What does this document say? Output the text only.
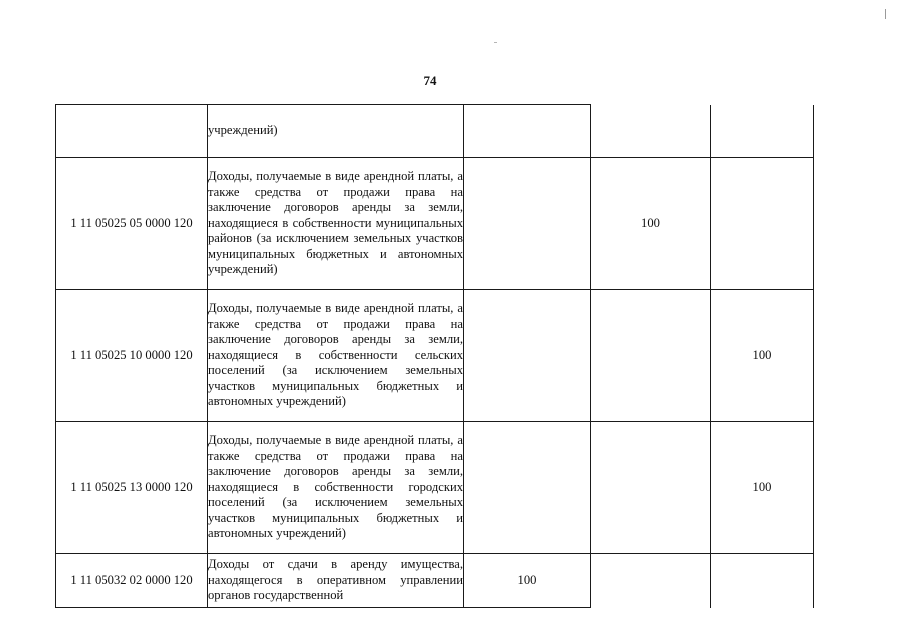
74

	учреждений)			

1 11 05025 05 0000 120	Доходы, получаемые в виде арендной платы, а также средства от продажи права на заключение договоров аренды за земли, находящиеся в собственности муниципальных районов (за исключением земельных участков муниципальных бюджетных и автономных учреждений)		100	
1 11 05025 10 0000 120	Доходы, получаемые в виде арендной платы, а также средства от продажи права на заключение договоров аренды за земли, находящиеся в собственности сельских поселений (за исключением земельных участков муниципальных бюджетных и автономных учреждений)			100
1 11 05025 13 0000 120	Доходы, получаемые в виде арендной платы, а также средства от продажи права на заключение договоров аренды за земли, находящиеся в собственности городских поселений (за исключением земельных участков муниципальных бюджетных и автономных учреждений)			100
1 11 05032 02 0000 120	Доходы от сдачи в аренду имущества, находящегося в оперативном управлении органов государственной	100		
